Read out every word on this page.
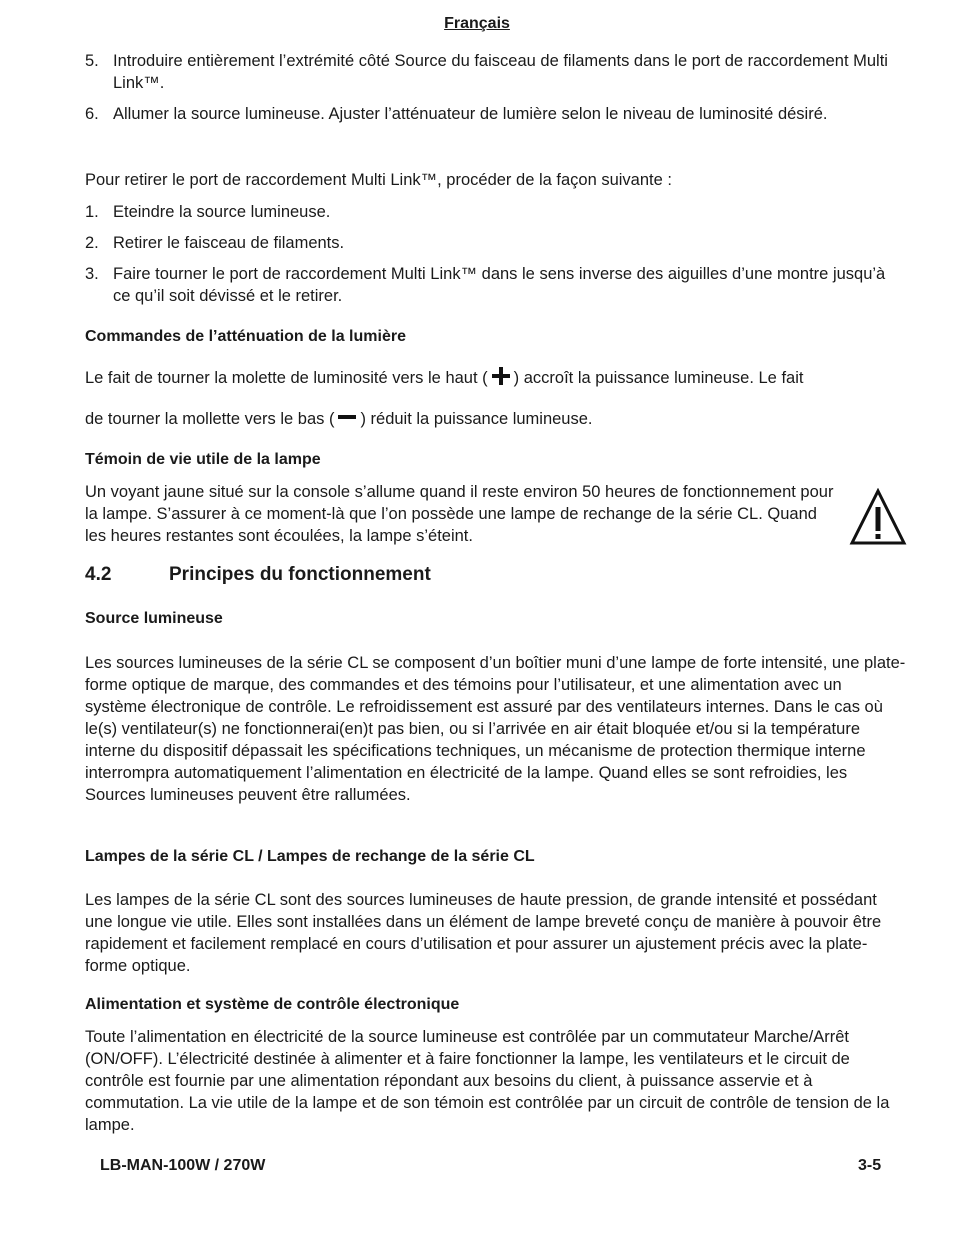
Français
5. Introduire entièrement l’extrémité côté Source du faisceau de filaments dans le port de raccordement Multi Link™.
6. Allumer la source lumineuse. Ajuster l’atténuateur de lumière selon le niveau de luminosité désiré.
Pour retirer le port de raccordement Multi Link™, procéder de la façon suivante :
1. Eteindre la source lumineuse.
2. Retirer le faisceau de filaments.
3. Faire tourner le port de raccordement Multi Link™ dans le sens inverse des aiguilles d’une montre jusqu’à ce qu’il soit dévissé et le retirer.
Commandes de l’atténuation de la lumière
Le fait de tourner la molette de luminosité vers le haut ( ) accroît la puissance lumineuse. Le fait
de tourner la mollette vers le bas ( ) réduit la puissance lumineuse.
Témoin de vie utile de la lampe
Un voyant jaune situé sur la console s’allume quand il reste environ 50 heures de fonctionnement pour la lampe. S’assurer à ce moment-là que l’on possède une lampe de rechange de la série CL. Quand les heures restantes sont écoulées, la lampe s’éteint.
4.2	Principes du fonctionnement
Source lumineuse
Les sources lumineuses de la série CL se composent d’un boîtier muni d’une lampe de forte intensité, une plate-forme optique de marque, des commandes et des témoins pour l’utilisateur, et une alimentation avec un système électronique de contrôle. Le refroidissement est assuré par des ventilateurs internes. Dans le cas où le(s) ventilateur(s) ne fonctionnerai(en)t pas bien, ou si l’arrivée en air était bloquée et/ou si la température interne du dispositif dépassait les spécifications techniques, un mécanisme de protection thermique interne interrompra automatiquement l’alimentation en électricité de la lampe. Quand elles se sont refroidies, les Sources lumineuses peuvent être rallumées.
Lampes de la série CL / Lampes de rechange de la série CL
Les lampes de la série CL sont des sources lumineuses de haute pression, de grande intensité et possédant une longue vie utile. Elles sont installées dans un élément de lampe breveté conçu de manière à pouvoir être rapidement et facilement remplacé en cours d’utilisation et pour assurer un ajustement précis avec la plate-forme optique.
Alimentation et système de contrôle électronique
Toute l’alimentation en électricité de la source lumineuse est contrôlée par un commutateur Marche/Arrêt (ON/OFF). L’électricité destinée à alimenter et à faire fonctionner la lampe, les ventilateurs et le circuit de contrôle est fournie par une alimentation répondant aux besoins du client, à puissance asservie et à commutation. La vie utile de la lampe et de son témoin est contrôlée par un circuit de contrôle de tension de la lampe.
LB-MAN-100W / 270W	3-5
